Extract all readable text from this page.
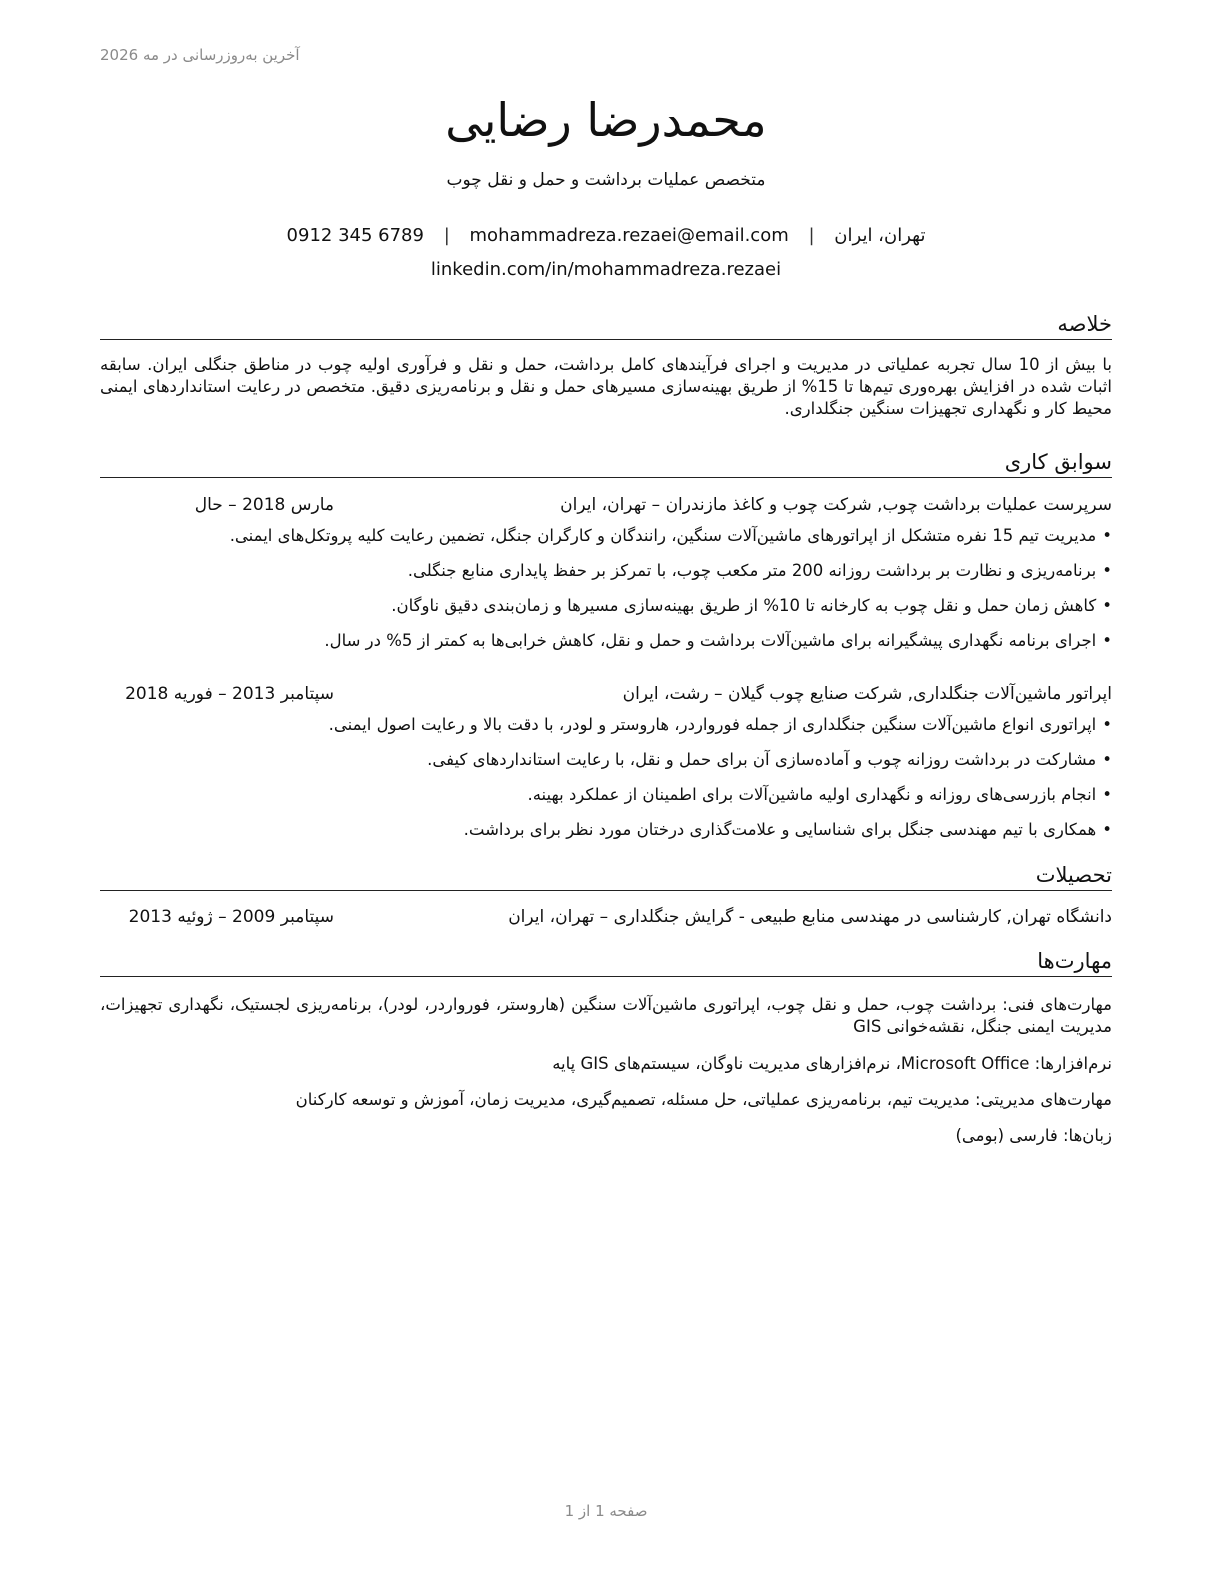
آخرین به‌روزرسانی در مه 2026
محمدرضا رضایی
متخصص عملیات برداشت و حمل و نقل چوب
تهران، ایران | mohammadreza.rezaei@email.com | 0912 345 6789
linkedin.com/in/mohammadreza.rezaei
خلاصه
با بیش از 10 سال تجربه عملیاتی در مدیریت و اجرای فرآیندهای کامل برداشت، حمل و نقل و فرآوری اولیه چوب در مناطق جنگلی ایران. سابقه اثبات شده در افزایش بهره‌وری تیم‌ها تا 15% از طریق بهینه‌سازی مسیرهای حمل و نقل و برنامه‌ریزی دقیق. متخصص در رعایت استانداردهای ایمنی محیط کار و نگهداری تجهیزات سنگین جنگلداری.
سوابق کاری
سرپرست عملیات برداشت چوب, شرکت چوب و کاغذ مازندران – تهران، ایران
مارس 2018 – حال
•مدیریت تیم 15 نفره متشکل از اپراتورهای ماشین‌آلات سنگین، رانندگان و کارگران جنگل، تضمین رعایت کلیه پروتکل‌های ایمنی.
•برنامه‌ریزی و نظارت بر برداشت روزانه 200 متر مکعب چوب، با تمرکز بر حفظ پایداری منابع جنگلی.
•کاهش زمان حمل و نقل چوب به کارخانه تا 10% از طریق بهینه‌سازی مسیرها و زمان‌بندی دقیق ناوگان.
•اجرای برنامه نگهداری پیشگیرانه برای ماشین‌آلات برداشت و حمل و نقل، کاهش خرابی‌ها به کمتر از 5% در سال.
اپراتور ماشین‌آلات جنگلداری, شرکت صنایع چوب گیلان – رشت، ایران
سپتامبر 2013 – فوریه 2018
•اپراتوری انواع ماشین‌آلات سنگین جنگلداری از جمله فورواردر، هاروستر و لودر، با دقت بالا و رعایت اصول ایمنی.
•مشارکت در برداشت روزانه چوب و آماده‌سازی آن برای حمل و نقل، با رعایت استانداردهای کیفی.
•انجام بازرسی‌های روزانه و نگهداری اولیه ماشین‌آلات برای اطمینان از عملکرد بهینه.
•همکاری با تیم مهندسی جنگل برای شناسایی و علامت‌گذاری درختان مورد نظر برای برداشت.
تحصیلات
دانشگاه تهران, کارشناسی در مهندسی منابع طبیعی - گرایش جنگلداری – تهران، ایران
سپتامبر 2009 – ژوئیه 2013
مهارت‌ها
مهارت‌های فنی: برداشت چوب، حمل و نقل چوب، اپراتوری ماشین‌آلات سنگین (هاروستر، فورواردر، لودر)، برنامه‌ریزی لجستیک، نگهداری تجهیزات، مدیریت ایمنی جنگل، نقشه‌خوانی GIS
نرم‌افزارها: Microsoft Office، نرم‌افزارهای مدیریت ناوگان، سیستم‌های GIS پایه
مهارت‌های مدیریتی: مدیریت تیم، برنامه‌ریزی عملیاتی، حل مسئله، تصمیم‌گیری، مدیریت زمان، آموزش و توسعه کارکنان
زبان‌ها: فارسی (بومی)
صفحه 1 از 1
